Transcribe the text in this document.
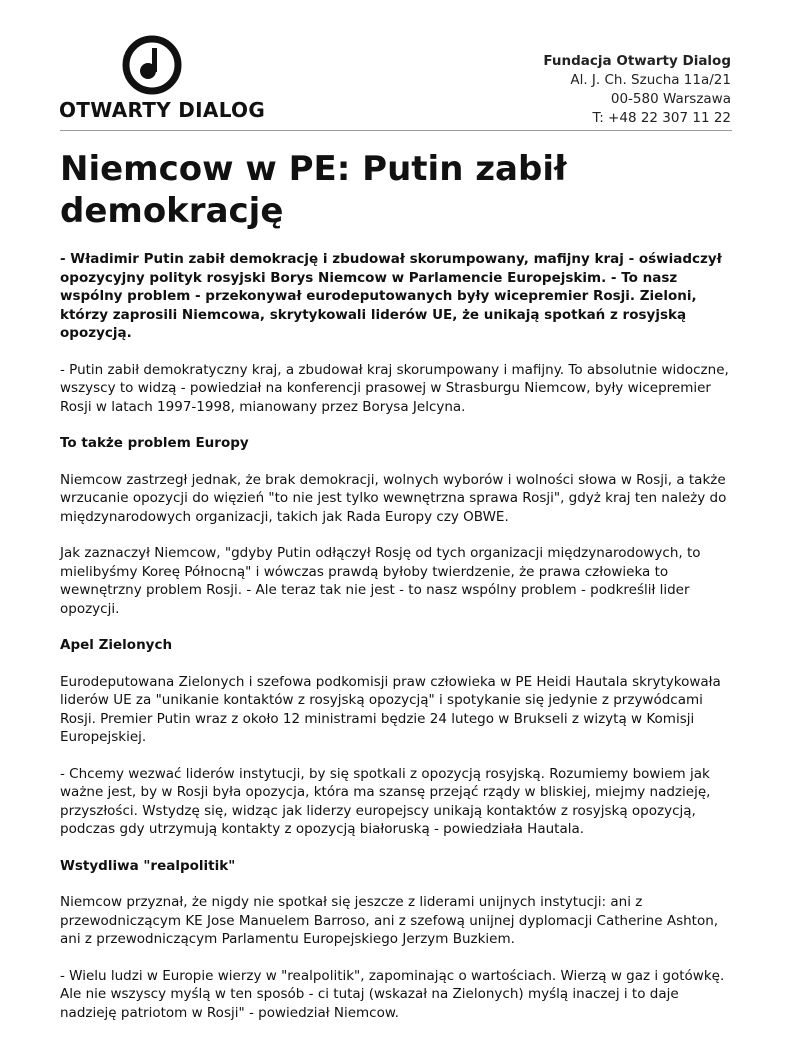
OTWARTY DIALOG
Fundacja Otwarty Dialog
Al. J. Ch. Szucha 11a/21
00-580 Warszawa
T: +48 22 307 11 22
Niemcow w PE: Putin zabił demokrację

- Władimir Putin zabił demokrację i zbudował skorumpowany, mafijny kraj - oświadczył opozycyjny polityk rosyjski Borys Niemcow w Parlamencie Europejskim. - To nasz wspólny problem - przekonywał eurodeputowanych były wicepremier Rosji. Zieloni, którzy zaprosili Niemcowa, skrytykowali liderów UE, że unikają spotkań z rosyjską opozycją.

- Putin zabił demokratyczny kraj, a zbudował kraj skorumpowany i mafijny. To absolutnie widoczne, wszyscy to widzą - powiedział na konferencji prasowej w Strasburgu Niemcow, były wicepremier Rosji w latach 1997-1998, mianowany przez Borysa Jelcyna.

To także problem Europy

Niemcow zastrzegł jednak, że brak demokracji, wolnych wyborów i wolności słowa w Rosji, a także wrzucanie opozycji do więzień "to nie jest tylko wewnętrzna sprawa Rosji", gdyż kraj ten należy do międzynarodowych organizacji, takich jak Rada Europy czy OBWE.

Jak zaznaczył Niemcow, "gdyby Putin odłączył Rosję od tych organizacji międzynarodowych, to mielibyśmy Koreę Północną" i wówczas prawdą byłoby twierdzenie, że prawa człowieka to wewnętrzny problem Rosji. - Ale teraz tak nie jest - to nasz wspólny problem - podkreślił lider opozycji.

Apel Zielonych

Eurodeputowana Zielonych i szefowa podkomisji praw człowieka w PE Heidi Hautala skrytykowała liderów UE za "unikanie kontaktów z rosyjską opozycją" i spotykanie się jedynie z przywódcami Rosji. Premier Putin wraz z około 12 ministrami będzie 24 lutego w Brukseli z wizytą w Komisji Europejskiej.

- Chcemy wezwać liderów instytucji, by się spotkali z opozycją rosyjską. Rozumiemy bowiem jak ważne jest, by w Rosji była opozycja, która ma szansę przejąć rządy w bliskiej, miejmy nadzieję, przyszłości. Wstydzę się, widząc jak liderzy europejscy unikają kontaktów z rosyjską opozycją, podczas gdy utrzymują kontakty z opozycją białoruską - powiedziała Hautala.

Wstydliwa "realpolitik"

Niemcow przyznał, że nigdy nie spotkał się jeszcze z liderami unijnych instytucji: ani z przewodniczącym KE Jose Manuelem Barroso, ani z szefową unijnej dyplomacji Catherine Ashton, ani z przewodniczącym Parlamentu Europejskiego Jerzym Buzkiem.

- Wielu ludzi w Europie wierzy w "realpolitik", zapominając o wartościach. Wierzą w gaz i gotówkę. Ale nie wszyscy myślą w ten sposób - ci tutaj (wskazał na Zielonych) myślą inaczej i to daje nadzieję patriotom w Rosji" - powiedział Niemcow.
